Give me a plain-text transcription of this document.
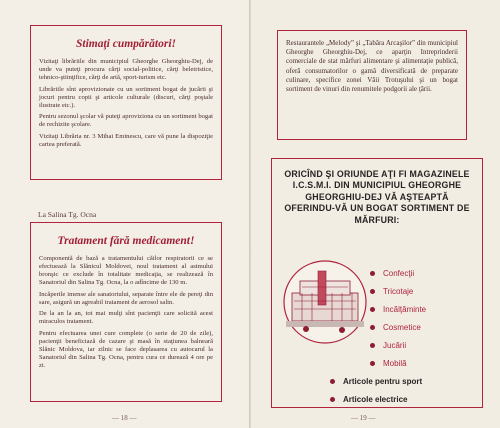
Stimaţi cumpărători!

Vizitaţi librăriile din municipiul Gheorghe Gheorghiu-Dej, de unde va puteţi procura cărţi social-politice, cărţi beletristice, tehnico-ştiinţifice, cărţi de artă, sport-turism etc.

Librăriile sînt aprovizionate cu un sortiment bogat de jucării şi jocuri pentru copii şi articole culturale (discuri, cărţi poştale ilustrate etc.).

Pentru sezonul şcolar vă puteţi aproviziona cu un sortiment bogat de rechizite şcolare.

Vizitaţi Librăria nr. 3 Mihai Eminescu, care vă pune la dispoziţie cartea preferată.

La Salina Tg. Ocna
Tratament fără medicament!

Componentă de bază a tratamentului căilor respiratorii ce se efectuează la Slănicul Moldovei, noul tratament al astmului bronşic ce exclude în totalitate medicaţia, se realizează în Sanatoriul din Salina Tg. Ocna, la o adîncime de 130 m.

Incăperile imense ale sanatoriului, separate între ele de pereţi din sare, asigură un agreabil tratament de aerosol salin.

De la an la an, tot mai mulţi sînt pacienţii care solicită acest miraculos tratament.

Pentru efectuarea unei cure complete (o serie de 20 de zile), pacienţii beneficiază de cazare şi masă în staţiunea balneară Slănic Moldova, iar zilnic se face deplasarea cu autocarul la Sanatoriul din Salina Tg. Ocna, pentru cura ce durează 4 ore pe zi.

— 18 —

Restaurantele „Melody” şi „Tabăra Arcaşilor” din municipiul Gheorghe Gheorghiu-Dej, ce aparţin Intreprinderii comerciale de stat mărfuri alimentare şi alimentaţie publică, oferă consumatorilor o gamă diversificată de preparate culinare, specifice zonei Văii Trotuşului şi un bogat sortiment de vinuri din renumitele podgorii ale ţării.

ORICÎND ŞI ORIUNDE AŢI FI MAGAZINELE I.C.S.M.I. DIN MUNICIPIUL GHEORGHE GHEORGHIU-DEJ VĂ AŞTEAPTĂ OFERINDU-VĂ UN BOGAT SORTIMENT DE MĂRFURI:
Confecţii
Tricotaje
Incălţăminte
Cosmetice
Jucării
Mobilă
Articole pentru sport
Articole electrice
— 19 —
